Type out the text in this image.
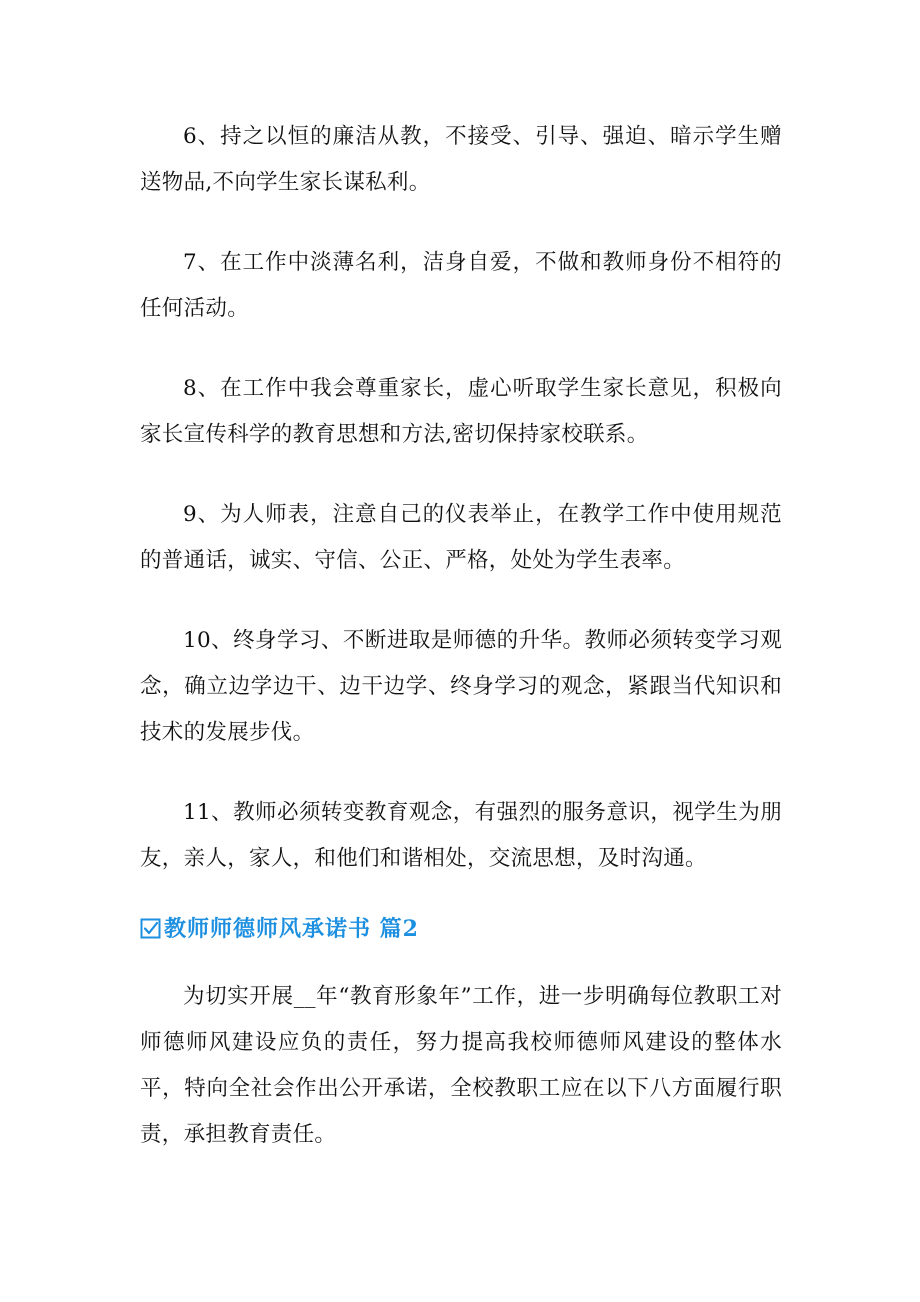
6、持之以恒的廉洁从教，不接受、引导、强迫、暗示学生赠送物品,不向学生家长谋私利。

7、在工作中淡薄名利，洁身自爱，不做和教师身份不相符的任何活动。

8、在工作中我会尊重家长，虚心听取学生家长意见，积极向家长宣传科学的教育思想和方法,密切保持家校联系。

9、为人师表，注意自己的仪表举止，在教学工作中使用规范的普通话，诚实、守信、公正、严格，处处为学生表率。

10、终身学习、不断进取是师德的升华。教师必须转变学习观念，确立边学边干、边干边学、终身学习的观念，紧跟当代知识和技术的发展步伐。

11、教师必须转变教育观念，有强烈的服务意识，视学生为朋友，亲人，家人，和他们和谐相处，交流思想，及时沟通。

教师师德师风承诺书 篇2

为切实开展__年“教育形象年”工作，进一步明确每位教职工对师德师风建设应负的责任，努力提高我校师德师风建设的整体水平，特向全社会作出公开承诺，全校教职工应在以下八方面履行职责，承担教育责任。
